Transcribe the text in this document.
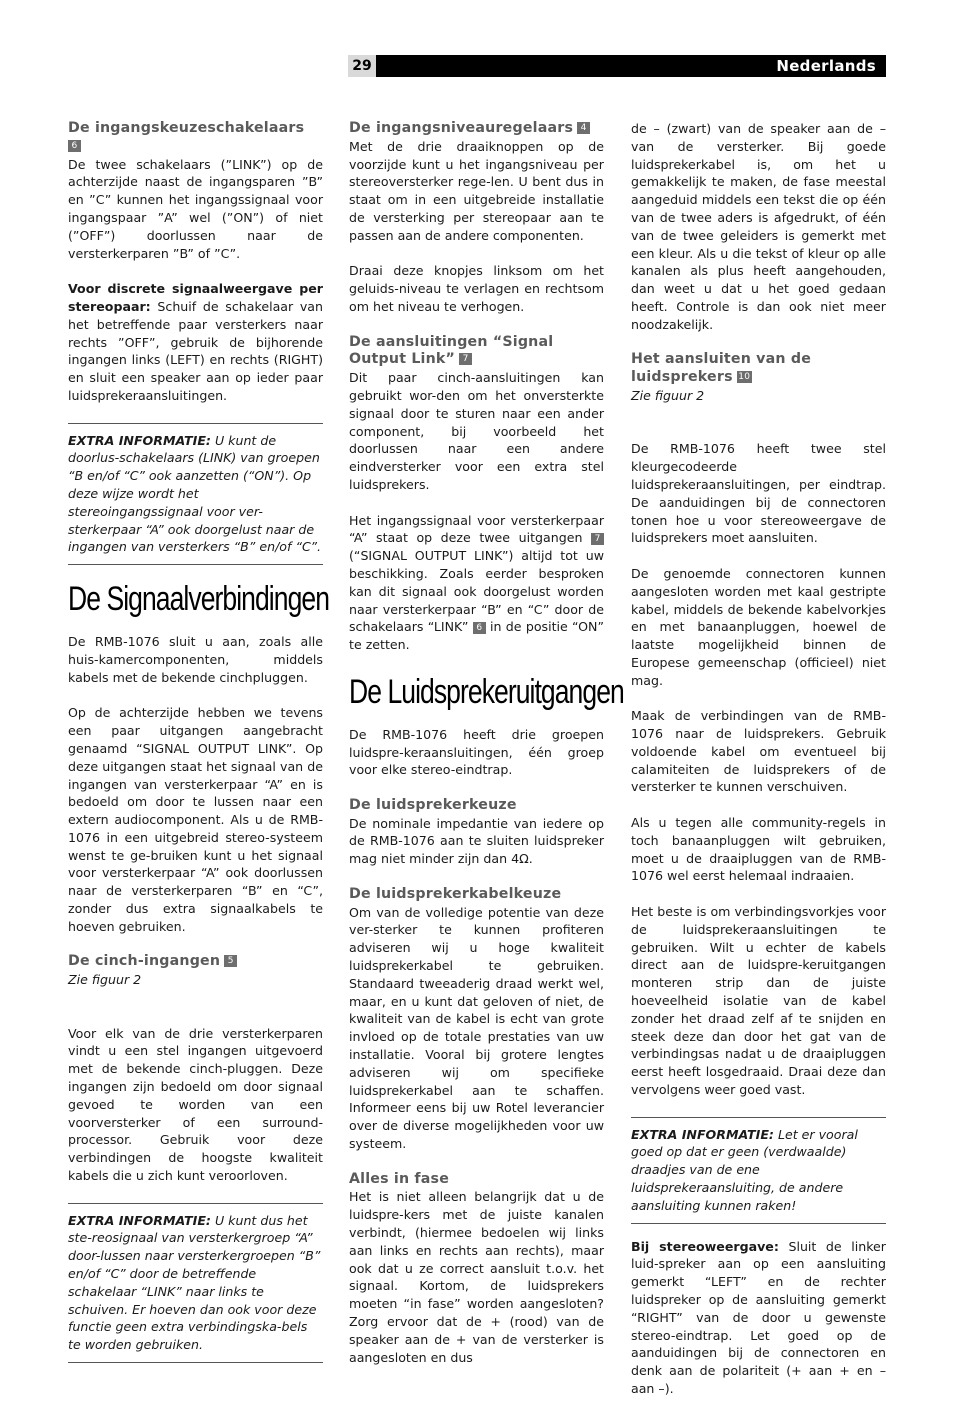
29	Nederlands
De ingangskeuzeschakelaars
6

De twee schakelaars (”LINK”) op de achterzijde naast de ingangsparen ”B” en ”C” kunnen het ingangssignaal voor ingangspaar ”A” wel (”ON”) of niet (”OFF”) doorlussen naar de versterkerparen ”B” of ”C”.

Voor discrete signaalweergave per stereopaar: Schuif de schakelaar van het betreffende paar versterkers naar rechts ”OFF”, gebruik de bijhorende ingangen links (LEFT) en rechts (RIGHT) en sluit een speaker aan op ieder paar luidsprekeraansluitingen.

EXTRA INFORMATIE: U kunt de doorlus-schakelaars (LINK) van groepen “B en/of “C” ook aanzetten (“ON”). Op deze wijze wordt het stereoingangssignaal voor ver-sterkerpaar “A” ook doorgelust naar de ingangen van versterkers “B” en/of “C”.

De Signaalverbindingen

De RMB-1076 sluit u aan, zoals alle huis-kamercomponenten, middels kabels met de bekende cinchpluggen.

Op de achterzijde hebben we tevens een paar uitgangen aangebracht genaamd “SIGNAL OUTPUT LINK”. Op deze uitgangen staat het signaal van de ingangen van versterkerpaar “A” en is bedoeld om door te lussen naar een extern audiocomponent. Als u de RMB-1076 in een uitgebreid stereo-systeem wenst te ge-bruiken kunt u het signaal voor versterkerpaar “A” ook doorlussen naar de versterkerparen “B” en “C”, zonder dus extra signaalkabels te hoeven gebruiken.

De cinch-ingangen 5

Zie figuur 2

Voor elk van de drie versterkerparen vindt u een stel ingangen uitgevoerd met de bekende cinch-pluggen. Deze ingangen zijn bedoeld om door signaal gevoed te worden van een voorversterker of een surround-processor. Gebruik voor deze verbindingen de hoogste kwaliteit kabels die u zich kunt veroorloven.

EXTRA INFORMATIE: U kunt dus het ste-reosignaal van versterkergroep “A” door-lussen naar versterkergroepen “B” en/of “C” door de betreffende schakelaar “LINK” naar links te schuiven. Er hoeven dan ook voor deze functie geen extra verbindingska-bels te worden gebruiken.

De ingangsniveauregelaars 4

Met de drie draaiknoppen op de voorzijde kunt u het ingangsniveau per stereoversterker rege-len. U bent dus in staat om in een uitgebreide installatie de versterking per stereopaar aan te passen aan de andere componenten.

Draai deze knopjes linksom om het geluids-niveau te verlagen en rechtsom om het niveau te verhogen.

De aansluitingen “Signal Output Link” 7

Dit paar cinch-aansluitingen kan gebruikt wor-den om het onversterkte signaal door te sturen naar een ander component, bij voorbeeld het doorlussen naar een andere eindversterker voor een extra stel luidsprekers.

Het ingangssignaal voor versterkerpaar “A” staat op deze twee uitgangen 7 (“SIGNAL OUTPUT LINK”) altijd tot uw beschikking. Zoals eerder besproken kan dit signaal ook doorgelust worden naar versterkerpaar “B” en “C” door de schakelaars “LINK” 6 in de positie “ON” te zetten.

De Luidsprekeruitgangen

De RMB-1076 heeft drie groepen luidspre-keraansluitingen, één groep voor elke stereo-eindtrap.

De luidsprekerkeuze

De nominale impedantie van iedere op de RMB-1076 aan te sluiten luidspreker mag niet minder zijn dan 4Ω.

De luidsprekerkabelkeuze

Om van de volledige potentie van deze ver-sterker te kunnen profiteren adviseren wij u hoge kwaliteit luidsprekerkabel te gebruiken. Standaard tweeaderig draad werkt wel, maar, en u kunt dat geloven of niet, de kwaliteit van de kabel is echt van grote invloed op de totale prestaties van uw installatie. Vooral bij grotere lengtes adviseren wij om specifieke luidsprekerkabel aan te schaffen. Informeer eens bij uw Rotel leverancier over de diverse mogelijkheden voor uw systeem.

Alles in fase

Het is niet alleen belangrijk dat u de luidspre-kers met de juiste kanalen verbindt, (hiermee bedoelen wij links aan links en rechts aan rechts), maar ook dat u ze correct aansluit t.o.v. het signaal. Kortom, de luidsprekers moeten “in fase” worden aangesloten? Zorg ervoor dat de + (rood) van de speaker aan de + van de versterker is aangesloten en dus

de – (zwart) van de speaker aan de – van de versterker. Bij goede luidsprekerkabel is, om het u gemakkelijk te maken, de fase meestal aangeduid middels een tekst die op één van de twee aders is afgedrukt, of één van de twee geleiders is gemerkt met een kleur. Als u die tekst of kleur op alle kanalen als plus heeft aangehouden, dan weet u dat u het goed gedaan heeft. Controle is dan ook niet meer noodzakelijk.

Het aansluiten van de luidsprekers 10

Zie figuur 2

De RMB-1076 heeft twee stel kleurgecodeerde luidsprekeraansluitingen, per eindtrap. De aanduidingen bij de connectoren tonen hoe u voor stereoweergave de luidsprekers moet aansluiten.

De genoemde connectoren kunnen aangesloten worden met kaal gestripte kabel, middels de bekende kabelvorkjes en met banaanpluggen, hoewel de laatste mogelijkheid binnen de Europese gemeenschap (officieel) niet mag.

Maak de verbindingen van de RMB-1076 naar de luidsprekers. Gebruik voldoende kabel om eventueel bij calamiteiten de luidsprekers of de versterker te kunnen verschuiven.

Als u tegen alle community-regels in toch banaanpluggen wilt gebruiken, moet u de draaipluggen van de RMB-1076 wel eerst helemaal indraaien.

Het beste is om verbindingsvorkjes voor de luidsprekeraansluitingen te gebruiken. Wilt u echter de kabels direct aan de luidspre-keruitgangen monteren strip dan de juiste hoeveelheid isolatie van de kabel zonder het draad zelf af te snijden en steek deze dan door het gat van de verbindingsas nadat u de draaipluggen eerst heeft losgedraaid. Draai deze dan vervolgens weer goed vast.

EXTRA INFORMATIE: Let er vooral goed op dat er geen (verdwaalde) draadjes van de ene luidsprekeraansluiting, de andere aansluiting kunnen raken!

Bij stereoweergave: Sluit de linker luid-spreker aan op een aansluiting gemerkt “LEFT” en de rechter luidspreker op de aansluiting gemerkt “RIGHT” van de door u gewenste stereo-eindtrap. Let goed op de aanduidingen bij de connectoren en denk aan de polariteit (+ aan + en – aan –).
